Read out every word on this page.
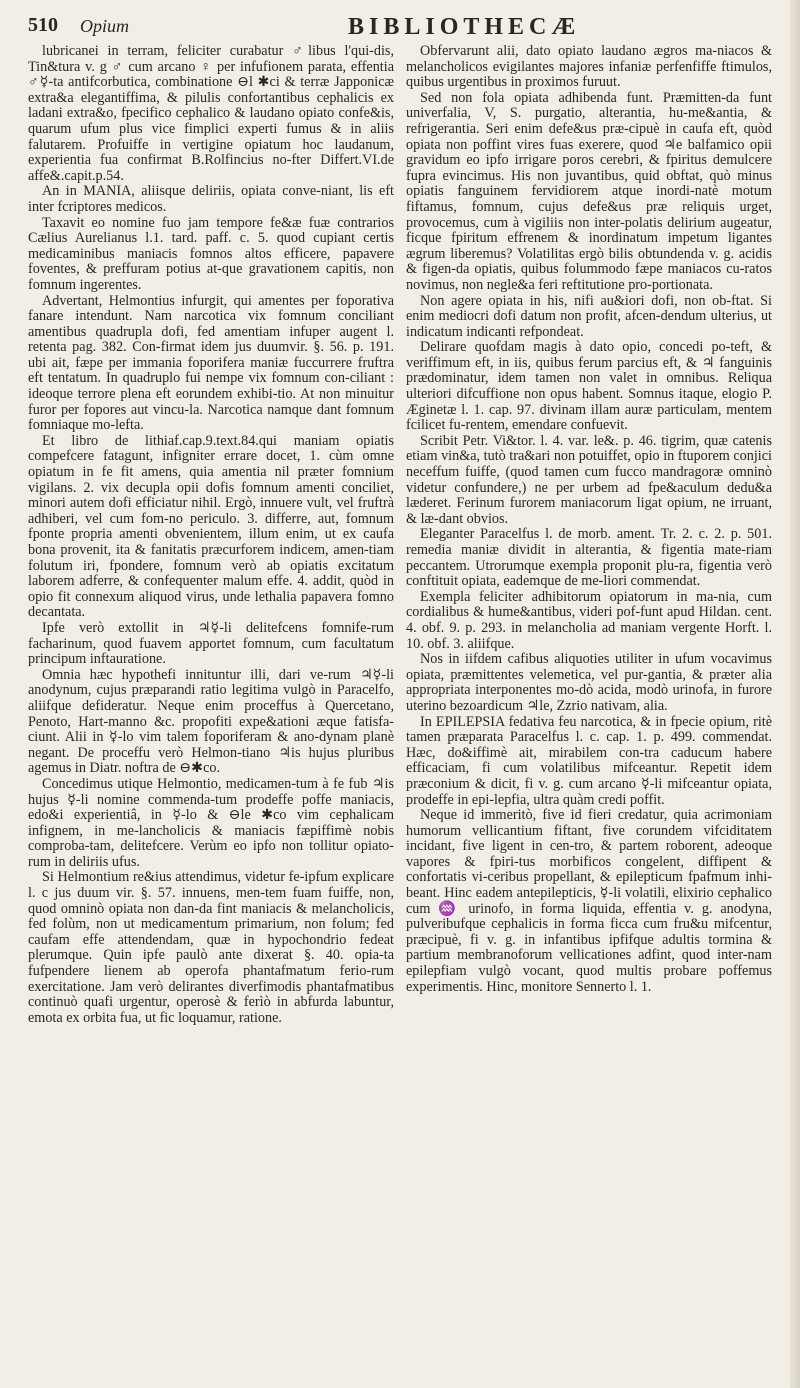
510 Opium	BIBLIOTHECÆ

lubricanei in terram, feliciter curabatur ♂libus l'qui-dis, Tin&tura v. g ♂ cum arcano ♀ per infufionem parata, effentia ♂☿-ta antifcorbutica, combinatione ⊖l ✱ci & terræ Japponicæ extra&a elegantiffima, & pilulis confortantibus cephalicis ex ladani extra&o, fpecifico cephalico & laudano opiato confe&is, quarum ufum plus vice fimplici experti fumus & in aliis falutarem. Profuiffe in vertigine opiatum hoc laudanum, experientia fua confirmat B.Rolfincius no-fter Differt.VI.de affe&.capit.p.54.

An in MANIA, aliisque deliriis, opiata conve-niant, lis eft inter fcriptores medicos.

Taxavit eo nomine fuo jam tempore fe&æ fuæ contrarios Cælius Aurelianus l.1. tard. paff. c. 5. quod cupiant certis medicaminibus maniacis fomnos altos efficere, papavere foventes, & preffuram potius at-que gravationem capitis, non fomnum ingerentes.

Advertant, Helmontius infurgit, qui amentes per foporativa fanare intendunt. Nam narcotica vix fomnum conciliant amentibus quadrupla dofi, fed amentiam infuper augent l. retenta pag. 382. Con-firmat idem jus duumvir. §. 56. p. 191. ubi ait, fæpe per immania foporifera maniæ fuccurrere fruftra eft tentatum. In quadruplo fui nempe vix fomnum con-ciliant : ideoque terrore plena eft eorundem exhibi-tio. At non minuitur furor per fopores aut vincu-la. Narcotica namque dant fomnum fomniaque mo-lefta.

Et libro de lithiaf.cap.9.text.84.qui maniam opiatis compefcere fatagunt, infigniter errare docet, 1. cùm omne opiatum in fe fit amens, quia amentia nil præter fomnium vigilans. 2. vix decupla opii dofis fomnum amenti conciliet, minori autem dofi efficiatur nihil. Ergò, innuere vult, vel fruftrà adhiberi, vel cum fom-no periculo. 3. differre, aut, fomnum fponte propria amenti obvenientem, illum enim, ut ex caufa bona provenit, ita & fanitatis præcurforem indicem, amen-tiam folutum iri, fpondere, fomnum verò ab opiatis excitatum laborem adferre, & confequenter malum effe. 4. addit, quòd in opio fit connexum aliquod virus, unde lethalia papavera fomno decantata.

Ipfe verò extollit in ♃☿-li delitefcens fomnife-rum facharinum, quod fuavem apportet fomnum, cum facultatum principum inftauratione.

Omnia hæc hypothefi innituntur illi, dari ve-rum ♃☿-li anodynum, cujus præparandi ratio legitima vulgò in Paracelfo, aliifque defideratur. Neque enim proceffus à Quercetano, Penoto, Hart-manno &c. propofiti expe&ationi æque fatisfa-ciunt. Alii in ☿-lo vim talem foporiferam & ano-dynam planè negant. De proceffu verò Helmon-tiano ♃is hujus pluribus agemus in Diatr. noftra de ⊖✱co.

Concedimus utique Helmontio, medicamen-tum à fe fub ♃is hujus ☿-li nomine commenda-tum prodeffe poffe maniacis, edo&i experientiâ, in ☿-lo & ⊖le ✱co vim cephalicam infignem, in me-lancholicis & maniacis fæpiffimè nobis comproba-tam, delitefcere. Verùm eo ipfo non tollitur opiato-rum in deliriis ufus.

Si Helmontium re&ius attendimus, videtur fe-ipfum explicare l. c jus duum vir. §. 57. innuens, men-tem fuam fuiffe, non, quod omninò opiata non dan-da fint maniacis & melancholicis, fed folùm, non ut medicamentum primarium, non folum; fed caufam effe attendendam, quæ in hypochondrio fedeat plerumque. Quin ipfe paulò ante dixerat §. 40. opia-ta fufpendere lienem ab operofa phantafmatum ferio-rum exercitatione. Jam verò delirantes diverfimodis phantafmatibus continuò quafi urgentur, operosè & ferìò in abfurda labuntur, emota ex orbita fua, ut fic loquamur, ratione.

Obfervarunt alii, dato opiato laudano ægros ma-niacos & melancholicos evigilantes majores infaniæ perfenfiffe ftimulos, quibus urgentibus in proximos furuut.

Sed non fola opiata adhibenda funt. Præmitten-da funt univerfalia, V, S. purgatio, alterantia, hu-me&antia, & refrigerantia. Seri enim defe&us præ-cipuè in caufa eft, quòd opiata non poffint vires fuas exerere, quod ♃e balfamico opii gravidum eo ipfo irrigare poros cerebri, & fpiritus demulcere fupra evincimus. His non juvantibus, quid obftat, quò minus opiatis fanguinem fervidiorem atque inordi-natè motum fiftamus, fomnum, cujus defe&us præ reliquis urget, provocemus, cum à vigiliis non inter-polatis delirium augeatur, ficque fpiritum effrenem & inordinatum impetum ligantes ægrum liberemus? Volatilitas ergò bilis obtundenda v. g. acidis & figen-da opiatis, quibus folummodo fæpe maniacos cu-ratos novimus, non negle&a feri reftitutione pro-portionata.

Non agere opiata in his, nifi au&iori dofi, non ob-ftat. Si enim mediocri dofi datum non profit, afcen-dendum ulterius, ut indicatum indicanti refpondeat.

Delirare quofdam magis à dato opio, concedi po-teft, & veriffimum eft, in iis, quibus ferum parcius eft, & ♃ fanguinis prædominatur, idem tamen non valet in omnibus. Reliqua ulteriori difcuffione non opus habent. Somnus itaque, elogio P. Æginetæ l. 1. cap. 97. divinam illam auræ particulam, mentem fcilicet fu-rentem, emendare confuevit.

Scribit Petr. Vi&tor. l. 4. var. le&. p. 46. tigrim, quæ catenis etiam vin&a, tutò tra&ari non potuiffet, opio in ftuporem conjici neceffum fuiffe, (quod tamen cum fucco mandragoræ omninò videtur confundere,) ne per urbem ad fpe&aculum dedu&a læderet. Ferinum furorem maniacorum ligat opium, ne irruant, & læ-dant obvios.

Eleganter Paracelfus l. de morb. ament. Tr. 2. c. 2. p. 501. remedia maniæ dividit in alterantia, & figentia mate-riam peccantem. Utrorumque exempla proponit plu-ra, figentia verò conftituit opiata, eademque de me-liori commendat.

Exempla feliciter adhibitorum opiatorum in ma-nia, cum cordialibus & hume&antibus, videri pof-funt apud Hildan. cent. 4. obf. 9. p. 293. in melancholia ad maniam vergente Horft. l. 10. obf. 3. aliifque.

Nos in iifdem cafibus aliquoties utiliter in ufum vocavimus opiata, præmittentes velemetica, vel pur-gantia, & præter alia appropriata interponentes mo-dò acida, modò urinofa, in furore uterino bezoardicum ♃le, Zzrio nativam, alia.

In EPILEPSIA fedativa feu narcotica, & in fpecie opium, ritè tamen præparata Paracelfus l. c. cap. 1. p. 499. commendat. Hæc, do&iffimè ait, mirabilem con-tra caducum habere efficaciam, fi cum volatilibus mifceantur. Repetit idem præconium & dicit, fi v. g. cum arcano ☿-li mifceantur opiata, prodeffe in epi-lepfia, ultra quàm credi poffit.

Neque id immeritò, five id fieri credatur, quia acrimoniam humorum vellicantium fiftant, five corundem vifciditatem incidant, five ligent in cen-tro, & partem roborent, adeoque vapores & fpiri-tus morbificos congelent, diffipent & confortatis vi-ceribus propellant, & epilepticum fpafmum inhi-beant. Hinc eadem antepilepticis, ☿-li volatili, elixirio cephalico cum ♒ urinofo, in forma liquida, effentia v. g. anodyna, pulveribufque cephalicis in forma ficca cum fru&u mifcentur, præcipuè, fi v. g. in infantibus ipfifque adultis tormina & partium membranoforum vellicationes adfint, quod inter-nam epilepfiam vulgò vocant, quod multis probare poffemus experimentis. Hinc, monitore Sennerto l. 1.
